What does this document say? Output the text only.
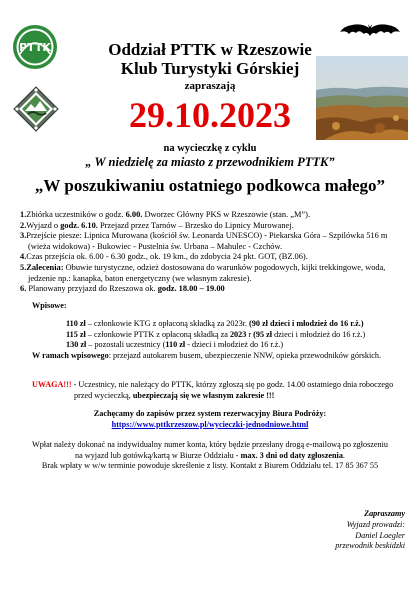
PTTK	Oddział PTTK w Rzeszowie
Klub Turystyki Górskiej
zapraszają
29.10.2023
na wycieczkę z cyklu
„ W niedzielę za miasto z przewodnikiem PTTK”
„W poszukiwaniu ostatniego podkowca małego”
1.Zbiórka uczestników o godz. 6.00. Dworzec Główny PKS w Rzeszowie (stan. „M”).
2.Wyjazd o godz. 6.10. Przejazd przez Tarnów – Brzesko do Lipnicy Murowanej.
3.Przejście piesze: Lipnica Murowana (kościół św. Leonarda UNESCO) - Piekarska Góra – Szpilówka 516 m
(wieża widokowa) - Bukowiec - Pustelnia św. Urbana – Mahulec - Czchów.
4.Czas przejścia ok. 6.00 - 6.30 godz., ok. 19 km., do zdobycia 24 pkt. GOT, (BZ.06).
5.Zalecenia: Obuwie turystyczne, odzież dostosowana do warunków pogodowych, kijki trekkingowe, woda,
jedzenie np.: kanapka, baton energetyczny (we własnym zakresie).
6. Planowany przyjazd do Rzeszowa ok. godz. 18.00 – 19.00
Wpisowe:
110 zł – członkowie KTG z opłaconą składką za 2023r. (90 zł dzieci i młodzież do 16 r.ż.)
115 zł – członkowie PTTK z opłaconą składką za 2023 r (95 zł dzieci i młodzież do 16 r.ż.)
130 zł – pozostali uczestnicy (110 zł - dzieci i młodzież do 16 r.ż.)
W ramach wpisowego: przejazd autokarem busem, ubezpieczenie NNW, opieka przewodników górskich.
UWAGA!!! - Uczestnicy, nie należący do PTTK, którzy zgłoszą się po godz. 14.00 ostatniego dnia roboczego
przed wycieczką, ubezpieczają się we własnym zakresie !!!
Zachęcamy do zapisów przez system rezerwacyjny Biura Podróży:
https://www.pttkrzeszow.pl/wycieczki-jednodniowe.html
Wpłat należy dokonać na indywidualny numer konta, który będzie przesłany drogą e-mailową po zgłoszeniu
na wyjazd lub gotówką/kartą w Biurze Oddziału - max. 3 dni od daty zgłoszenia.
Brak wpłaty w w/w terminie powoduje skreślenie z listy. Kontakt z Biurem Oddziału tel. 17 85 367 55
Zapraszamy
Wyjazd prowadzi:
Daniel Loegler
przewodnik beskidzki
